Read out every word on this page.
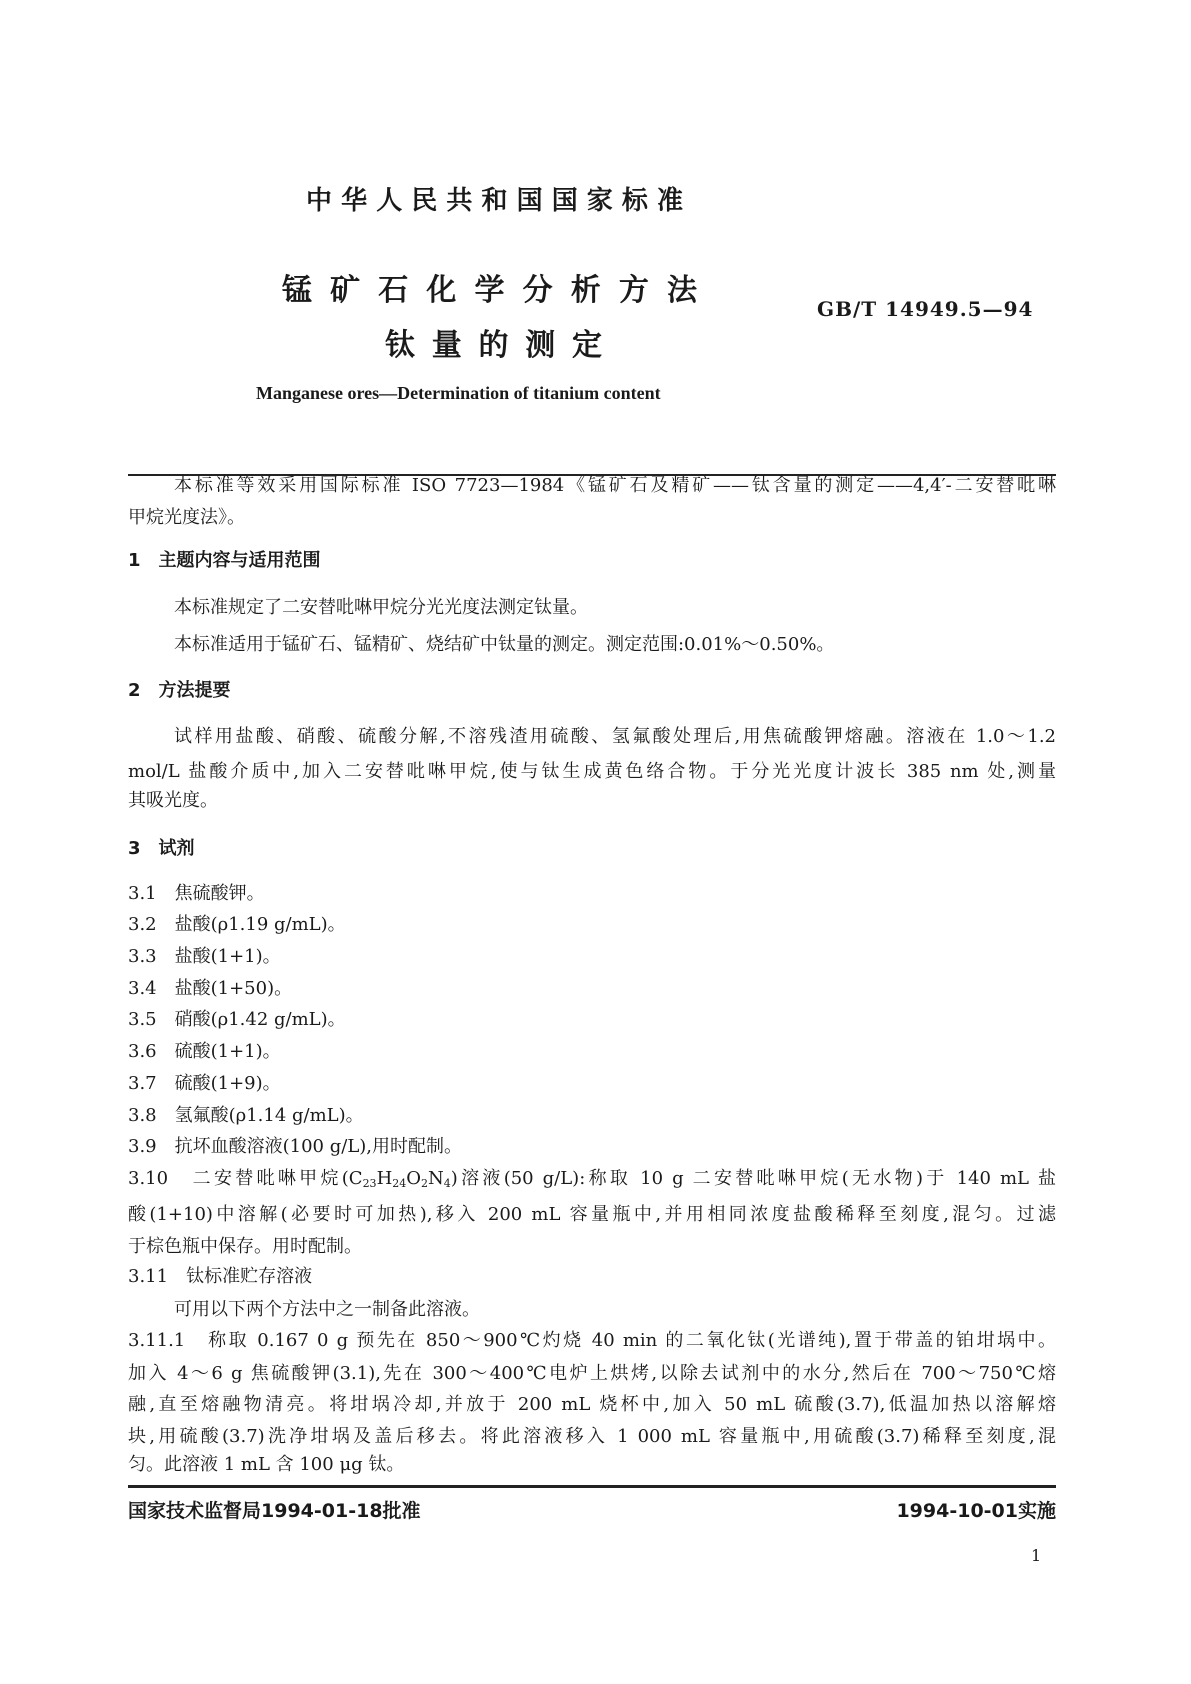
中华人民共和国国家标准
锰矿石化学分析方法
钛量的测定
GB/T 14949.5—94
Manganese ores—Determination of titanium content
本标准等效采用国际标准 ISO 7723—1984《锰矿石及精矿——钛含量的测定——4,4′-二安替吡啉
甲烷光度法》。
1　主题内容与适用范围
本标准规定了二安替吡啉甲烷分光光度法测定钛量。
本标准适用于锰矿石、锰精矿、烧结矿中钛量的测定。测定范围:0.01%～0.50%。
2　方法提要
试样用盐酸、硝酸、硫酸分解,不溶残渣用硫酸、氢氟酸处理后,用焦硫酸钾熔融。溶液在 1.0～1.2
mol/L 盐酸介质中,加入二安替吡啉甲烷,使与钛生成黄色络合物。于分光光度计波长 385 nm 处,测量
其吸光度。
3　试剂
3.1　焦硫酸钾。
3.2　盐酸(ρ1.19 g/mL)。
3.3　盐酸(1+1)。
3.4　盐酸(1+50)。
3.5　硝酸(ρ1.42 g/mL)。
3.6　硫酸(1+1)。
3.7　硫酸(1+9)。
3.8　氢氟酸(ρ1.14 g/mL)。
3.9　抗坏血酸溶液(100 g/L),用时配制。
3.10　二安替吡啉甲烷$(C_{23}H_{24}O_2N_4)$溶液(50 g/L):称取 10 g 二安替吡啉甲烷(无水物)于 140 mL 盐
酸(1+10)中溶解(必要时可加热),移入 200 mL 容量瓶中,并用相同浓度盐酸稀释至刻度,混匀。过滤
于棕色瓶中保存。用时配制。
3.11　钛标准贮存溶液
可用以下两个方法中之一制备此溶液。
3.11.1　称取 0.167 0 g 预先在 850～900℃灼烧 40 min 的二氧化钛(光谱纯),置于带盖的铂坩埚中。
加入 4～6 g 焦硫酸钾(3.1),先在 300～400℃电炉上烘烤,以除去试剂中的水分,然后在 700～750℃熔
融,直至熔融物清亮。将坩埚冷却,并放于 200 mL 烧杯中,加入 50 mL 硫酸(3.7),低温加热以溶解熔
块,用硫酸(3.7)洗净坩埚及盖后移去。将此溶液移入 1 000 mL 容量瓶中,用硫酸(3.7)稀释至刻度,混
匀。此溶液 1 mL 含 100 μg 钛。
国家技术监督局1994-01-18批准	1994-10-01实施
1
